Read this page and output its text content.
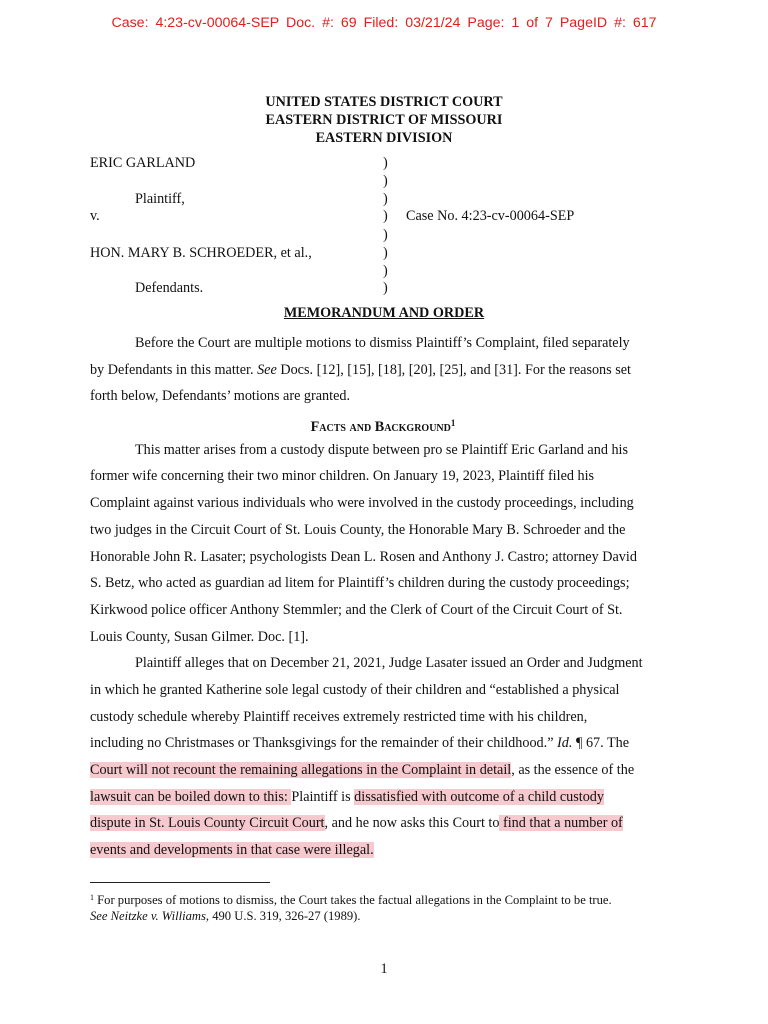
Case: 4:23-cv-00064-SEP Doc. #: 69 Filed: 03/21/24 Page: 1 of 7 PageID #: 617
UNITED STATES DISTRICT COURT
EASTERN DISTRICT OF MISSOURI
EASTERN DIVISION
ERIC GARLAND
Plaintiff,
v.
HON. MARY B. SCHROEDER, et al.,
Defendants.
)
)
)
)
)
)
)
)
Case No. 4:23-cv-00064-SEP
MEMORANDUM AND ORDER
Before the Court are multiple motions to dismiss Plaintiff’s Complaint, filed separately
by Defendants in this matter. See Docs. [12], [15], [18], [20], [25], and [31]. For the reasons set
forth below, Defendants’ motions are granted.
Facts and Background$^1$
This matter arises from a custody dispute between pro se Plaintiff Eric Garland and his
former wife concerning their two minor children. On January 19, 2023, Plaintiff filed his
Complaint against various individuals who were involved in the custody proceedings, including
two judges in the Circuit Court of St. Louis County, the Honorable Mary B. Schroeder and the
Honorable John R. Lasater; psychologists Dean L. Rosen and Anthony J. Castro; attorney David
S. Betz, who acted as guardian ad litem for Plaintiff’s children during the custody proceedings;
Kirkwood police officer Anthony Stemmler; and the Clerk of Court of the Circuit Court of St.
Louis County, Susan Gilmer. Doc. [1].
Plaintiff alleges that on December 21, 2021, Judge Lasater issued an Order and Judgment
in which he granted Katherine sole legal custody of their children and “established a physical
custody schedule whereby Plaintiff receives extremely restricted time with his children,
including no Christmases or Thanksgivings for the remainder of their childhood.” Id. ¶ 67. The
Court will not recount the remaining allegations in the Complaint in detail, as the essence of the
lawsuit can be boiled down to this: Plaintiff is dissatisfied with outcome of a child custody
dispute in St. Louis County Circuit Court, and he now asks this Court to find that a number of
events and developments in that case were illegal.
$^1$ For purposes of motions to dismiss, the Court takes the factual allegations in the Complaint to be true.
See Neitzke v. Williams, 490 U.S. 319, 326-27 (1989).
1
